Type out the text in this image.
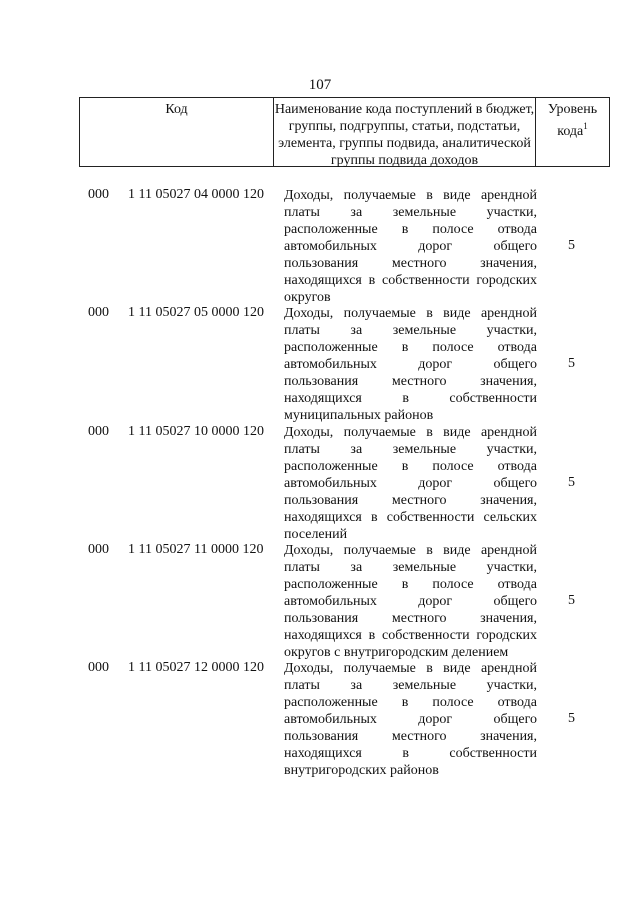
107
Код	Наименование кода поступлений в бюджет, группы, подгруппы, статьи, подстатьи, элемента, группы подвида, аналитической группы подвида доходов
Уровень кода$^1$
000 1 11 05027 04 0000 120 Доходы, получаемые в виде арендной платы за земельные участки, расположенные в полосе отвода автомобильных дорог общего пользования местного значения, находящихся в собственности городских округов
5
000 1 11 05027 05 0000 120 Доходы, получаемые в виде арендной платы за земельные участки, расположенные в полосе отвода автомобильных дорог общего пользования местного значения, находящихся в собственности муниципальных районов
5
000 1 11 05027 10 0000 120 Доходы, получаемые в виде арендной платы за земельные участки, расположенные в полосе отвода автомобильных дорог общего пользования местного значения, находящихся в собственности сельских поселений
5
000 1 11 05027 11 0000 120 Доходы, получаемые в виде арендной платы за земельные участки, расположенные в полосе отвода автомобильных дорог общего пользования местного значения, находящихся в собственности городских округов с внутригородским делением
5
000 1 11 05027 12 0000 120 Доходы, получаемые в виде арендной платы за земельные участки, расположенные в полосе отвода автомобильных дорог общего пользования местного значения, находящихся в собственности внутригородских районов
5
